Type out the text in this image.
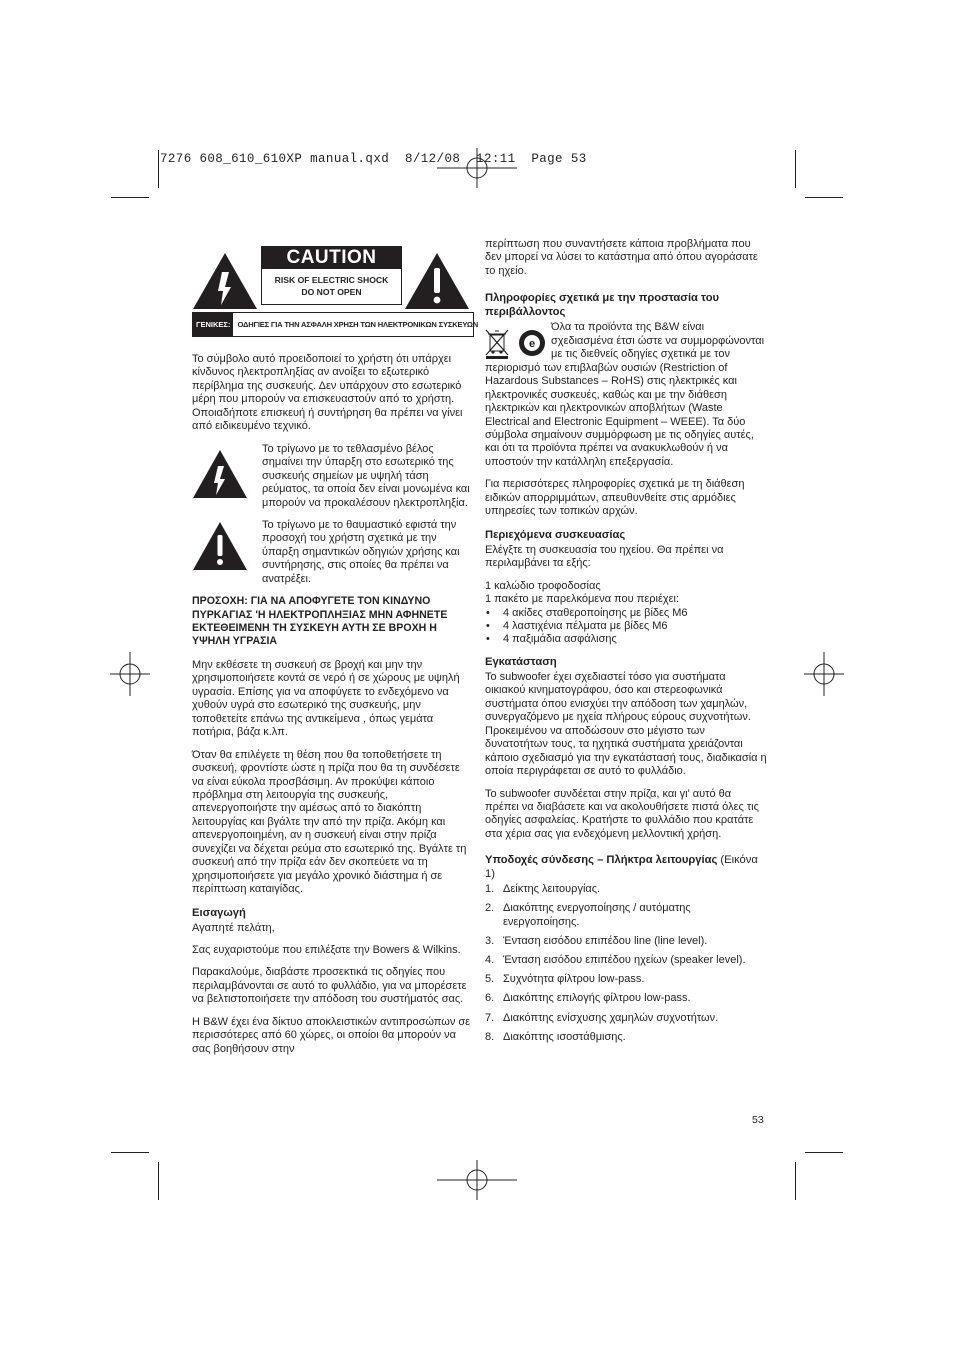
7276 608_610_610XP manual.qxd  8/12/08  12:11  Page 53
CAUTION
RISK OF ELECTRIC SHOCK
DO NOT OPEN
ΓΕΝΙΚΕΣ: ΟΔΗΓΙΕΣ ΓΙΑ ΤΗΝ ΑΣΦΑΛΗ ΧΡΗΣΗ ΤΩΝ ΗΛΕΚΤΡΟΝΙΚΩΝ ΣΥΣΚΕΥΩΝ

Το σύμβολο αυτό προειδοποιεί το χρήστη ότι υπάρχει κίνδυνος ηλεκτροπληξίας αν ανοίξει το εξωτερικό περίβλημα της συσκευής. Δεν υπάρχουν στο εσωτερικό μέρη που μπορούν να επισκευαστούν από το χρήστη. Οποιαδήποτε επισκευή ή συντήρηση θα πρέπει να γίνει από ειδικευμένο τεχνικό.

Το τρίγωνο με το τεθλασμένο βέλος σημαίνει την ύπαρξη στο εσωτερικό της συσκευής σημείων με υψηλή τάση ρεύματος, τα οποία δεν είναι μονωμένα και μπορούν να προκαλέσουν ηλεκτροπληξία.

Το τρίγωνο με το θαυμαστικό εφιστά την προσοχή του χρήστη σχετικά με την ύπαρξη σημαντικών οδηγιών χρήσης και συντήρησης, στις οποίες θα πρέπει να ανατρέξει.

ΠΡΟΣΟΧΗ: ΓΙΑ ΝΑ ΑΠΟΦΥΓΕΤΕ ΤΟΝ ΚΙΝΔΥΝΟ ΠΥΡΚΑΓΙΑΣ 'Η ΗΛΕΚΤΡΟΠΛΗΞΙΑΣ ΜΗΝ ΑΦΗΝΕΤΕ ΕΚΤΕΘΕΙΜΕΝΗ ΤΗ ΣΥΣΚΕΥΗ ΑΥΤΗ ΣΕ ΒΡΟΧΗ Η ΥΨΗΛΗ ΥΓΡΑΣΙΑ

Μην εκθέσετε τη συσκευή σε βροχή και μην την χρησιμοποιήσετε κοντά σε νερό ή σε χώρους με υψηλή υγρασία. Επίσης για να αποφύγετε το ενδεχόμενο να χυθούν υγρά στο εσωτερικό της συσκευής, μην τοποθετείτε επάνω της αντικείμενα , όπως γεμάτα ποτήρια, βάζα κ.λπ.

Όταν θα επιλέγετε τη θέση που θα τοποθετήσετε τη συσκευή, φροντίστε ώστε η πρίζα που θα τη συνδέσετε να είναι εύκολα προσβάσιμη. Αν προκύψει κάποιο πρόβλημα στη λειτουργία της συσκευής, απενεργοποιήστε την αμέσως από το διακόπτη λειτουργίας και βγάλτε την από την πρίζα. Ακόμη και απενεργοποιημένη, αν η συσκευή είναι στην πρίζα συνεχίζει να δέχεται ρεύμα στο εσωτερικό της. Βγάλτε τη συσκευή από την πρίζα εάν δεν σκοπεύετε να τη χρησιμοποιήσετε για μεγάλο χρονικό διάστημα ή σε περίπτωση καταιγίδας.

Εισαγωγή

Αγαπητέ πελάτη,

Σας ευχαριστούμε που επιλέξατε την Bowers & Wilkins.

Παρακαλούμε, διαβάστε προσεκτικά τις οδηγίες που περιλαμβάνονται σε αυτό το φυλλάδιο, για να μπορέσετε να βελτιστοποιήσετε την απόδοση του συστήματός σας.

Η B&W έχει ένα δίκτυο αποκλειστικών αντιπροσώπων σε περισσότερες από 60 χώρες, οι οποίοι θα μπορούν να σας βοηθήσουν στην

περίπτωση που συναντήσετε κάποια προβλήματα που δεν μπορεί να λύσει το κατάστημα από όπου αγοράσατε το ηχείο.

Πληροφορίες σχετικά με την προστασία του περιβάλλοντος

e
Όλα τα προϊόντα της B&W είναι σχεδιασμένα έτσι ώστε να συμμορφώνονται με τις διεθνείς οδηγίες σχετικά με τον περιορισμό των επιβλαβών ουσιών (Restriction of Hazardous Substances – RoHS) στις ηλεκτρικές και ηλεκτρονικές συσκευές, καθώς και με την διάθεση ηλεκτρικών και ηλεκτρονικών αποβλήτων (Waste Electrical and Electronic Equipment – WEEE). Τα δύο σύμβολα σημαίνουν συμμόρφωση με τις οδηγίες αυτές, και ότι τα προϊόντα πρέπει να ανακυκλωθούν ή να υποστούν την κατάλληλη επεξεργασία.

Για περισσότερες πληροφορίες σχετικά με τη διάθεση ειδικών απορριμμάτων, απευθυνθείτε στις αρμόδιες υπηρεσίες των τοπικών αρχών.

Περιεχόμενα συσκευασίας

Ελέγξτε τη συσκευασία του ηχείου. Θα πρέπει να περιλαμβάνει τα εξής:

1 καλώδιο τροφοδοσίας

1 πακέτο με παρελκόμενα που περιέχει:

• 4 ακίδες σταθεροποίησης με βίδες M6
• 4 λαστιχένια πέλματα με βίδες M6
• 4 παξιμάδια ασφάλισης

Εγκατάσταση

Το subwoofer έχει σχεδιαστεί τόσο για συστήματα οικιακού κινηματογράφου, όσο και στερεοφωνικά συστήματα όπου ενισχύει την απόδοση των χαμηλών, συνεργαζόμενο με ηχεία πλήρους εύρους συχνοτήτων. Προκειμένου να αποδώσουν στο μέγιστο των δυνατοτήτων τους, τα ηχητικά συστήματα χρειάζονται κάποιο σχεδιασμό για την εγκατάστασή τους, διαδικασία η οποία περιγράφεται σε αυτό το φυλλάδιο.

Το subwoofer συνδέεται στην πρίζα, και γι' αυτό θα πρέπει να διαβάσετε και να ακολουθήσετε πιστά όλες τις οδηγίες ασφαλείας. Κρατήστε το φυλλάδιο που κρατάτε στα χέρια σας για ενδεχόμενη μελλοντική χρήση.

Υποδοχές σύνδεσης – Πλήκτρα λειτουργίας (Εικόνα 1)

1. Δείκτης λειτουργίας.
2. Διακόπτης ενεργοποίησης / αυτόματης ενεργοποίησης.
3. Ένταση εισόδου επιπέδου line (line level).
4. Ένταση εισόδου επιπέδου ηχείων (speaker level).
5. Συχνότητα φίλτρου low-pass.
6. Διακόπτης επιλογής φίλτρου low-pass.
7. Διακόπτης ενίσχυσης χαμηλών συχνοτήτων.
8. Διακόπτης ισοστάθμισης.
53
